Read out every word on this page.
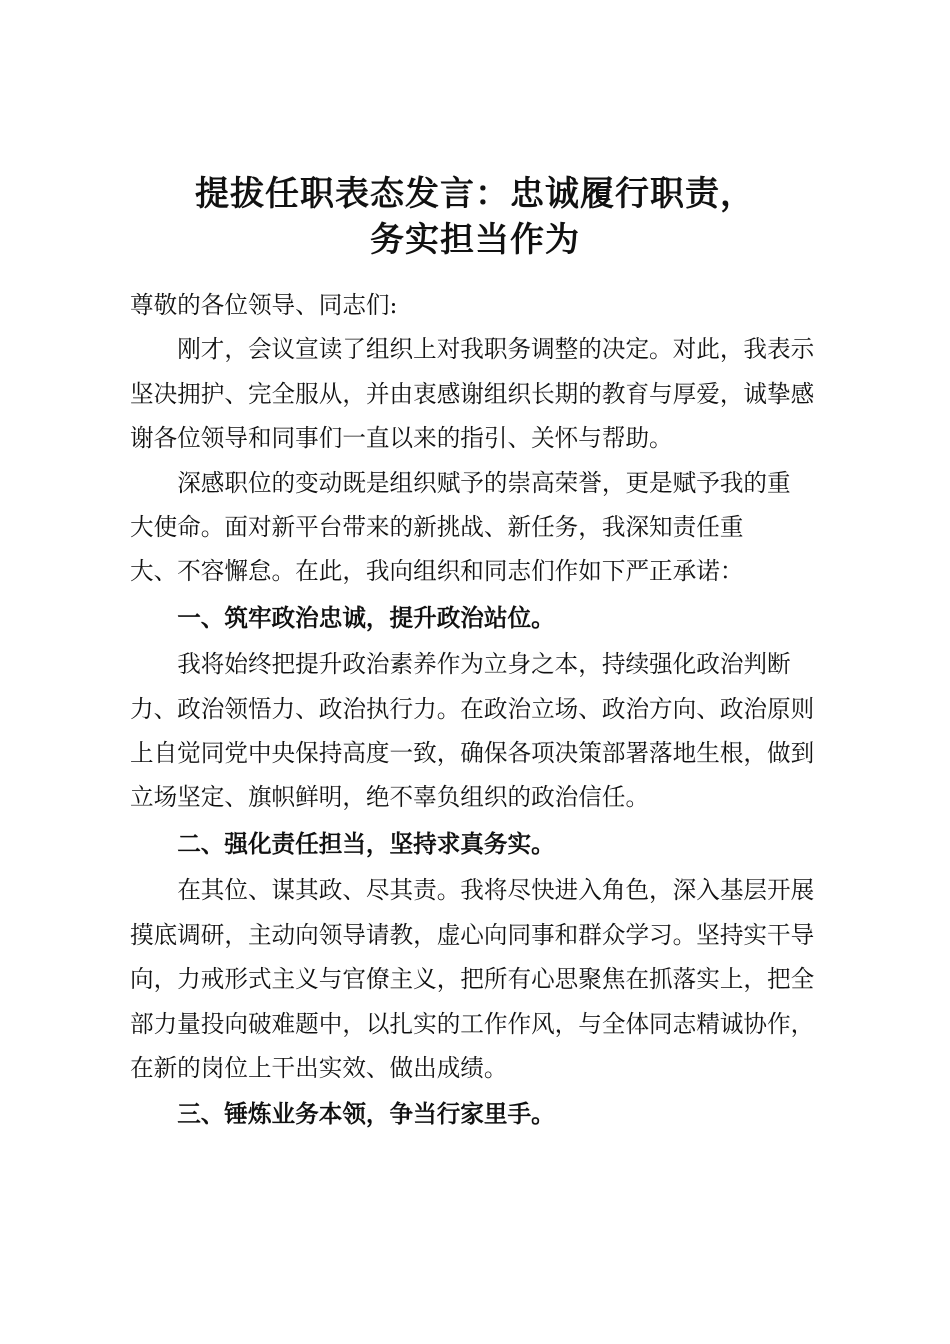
提拔任职表态发言：忠诚履行职责，
务实担当作为

尊敬的各位领导、同志们:

刚才，会议宣读了组织上对我职务调整的决定。对此，我表示坚决拥护、完全服从，并由衷感谢组织长期的教育与厚爱，诚挚感谢各位领导和同事们一直以来的指引、关怀与帮助。

深感职位的变动既是组织赋予的崇高荣誉，更是赋予我的重
大使命。面对新平台带来的新挑战、新任务，我深知责任重
大、不容懈怠。在此，我向组织和同志们作如下严正承诺：

一、筑牢政治忠诚，提升政治站位。

我将始终把提升政治素养作为立身之本，持续强化政治判断力、政治领悟力、政治执行力。在政治立场、政治方向、政治原则上自觉同党中央保持高度一致，确保各项决策部署落地生根，做到立场坚定、旗帜鲜明，绝不辜负组织的政治信任。

二、强化责任担当，坚持求真务实。

在其位、谋其政、尽其责。我将尽快进入角色，深入基层开展摸底调研，主动向领导请教，虚心向同事和群众学习。坚持实干导向，力戒形式主义与官僚主义，把所有心思聚焦在抓落实上，把全部力量投向破难题中，以扎实的工作作风，与全体同志精诚协作，在新的岗位上干出实效、做出成绩。

三、锤炼业务本领，争当行家里手。
